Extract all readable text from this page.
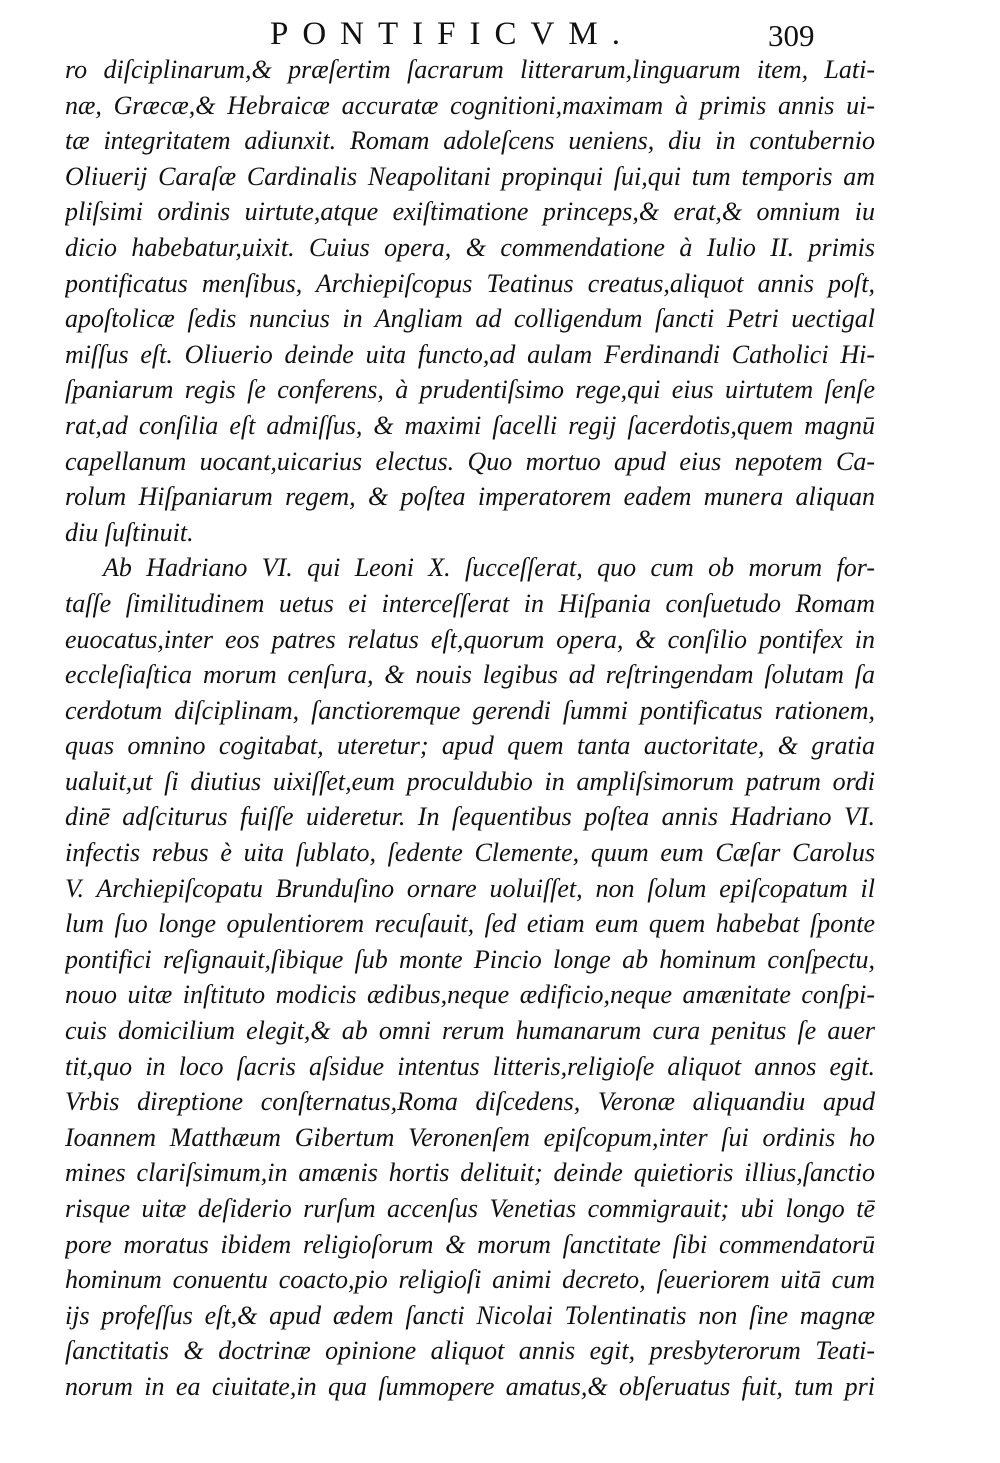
PONTIFICVM.	309
ro diſciplinarum,& præſertim ſacrarum litterarum,linguarum item, Lati-
næ, Græcæ,& Hebraicæ accuratæ cognitioni,maximam à primis annis ui-
tæ integritatem adiunxit. Romam adoleſcens ueniens, diu in contubernio
Oliuerij Caraſæ Cardinalis Neapolitani propinqui ſui,qui tum temporis am
pliſsimi ordinis uirtute,atque exiſtimatione princeps,& erat,& omnium iu
dicio habebatur,uixit. Cuius opera, & commendatione à Iulio II. primis
pontificatus menſibus, Archiepiſcopus Teatinus creatus,aliquot annis poſt,
apoſtolicæ ſedis nuncius in Angliam ad colligendum ſancti Petri uectigal
miſſus eſt. Oliuerio deinde uita functo,ad aulam Ferdinandi Catholici Hi-
ſpaniarum regis ſe conferens, à prudentiſsimo rege,qui eius uirtutem ſenſe
rat,ad conſilia eſt admiſſus, & maximi ſacelli regij ſacerdotis,quem magnū
capellanum uocant,uicarius electus. Quo mortuo apud eius nepotem Ca-
rolum Hiſpaniarum regem, & poſtea imperatorem eadem munera aliquan
diu ſuſtinuit.
Ab Hadriano VI. qui Leoni X. ſucceſſerat, quo cum ob morum for-
taſſe ſimilitudinem uetus ei interceſſerat in Hiſpania conſuetudo Romam
euocatus,inter eos patres relatus eſt,quorum opera, & conſilio pontifex in
eccleſiaſtica morum cenſura, & nouis legibus ad reſtringendam ſolutam ſa
cerdotum diſciplinam, ſanctioremque gerendi ſummi pontificatus rationem,
quas omnino cogitabat, uteretur; apud quem tanta auctoritate, & gratia
ualuit,ut ſi diutius uixiſſet,eum proculdubio in ampliſsimorum patrum ordi
dinē adſciturus fuiſſe uideretur. In ſequentibus poſtea annis Hadriano VI.
infectis rebus è uita ſublato, ſedente Clemente, quum eum Cæſar Carolus
V. Archiepiſcopatu Brunduſino ornare uoluiſſet, non ſolum epiſcopatum il
lum ſuo longe opulentiorem recuſauit, ſed etiam eum quem habebat ſponte
pontifici reſignauit,ſibique ſub monte Pincio longe ab hominum conſpectu,
nouo uitæ inſtituto modicis ædibus,neque ædificio,neque amænitate conſpi-
cuis domicilium elegit,& ab omni rerum humanarum cura penitus ſe auer
tit,quo in loco ſacris aſsidue intentus litteris,religioſe aliquot annos egit.
Vrbis direptione conſternatus,Roma diſcedens, Veronæ aliquandiu apud
Ioannem Matthæum Gibertum Veronenſem epiſcopum,inter ſui ordinis ho
mines clariſsimum,in amænis hortis delituit; deinde quietioris illius,ſanctio
risque uitæ deſiderio rurſum accenſus Venetias commigrauit; ubi longo tē
pore moratus ibidem religioſorum & morum ſanctitate ſibi commendatorū
hominum conuentu coacto,pio religioſi animi decreto, ſeueriorem uitā cum
ijs profeſſus eſt,& apud ædem ſancti Nicolai Tolentinatis non ſine magnæ
ſanctitatis & doctrinæ opinione aliquot annis egit, presbyterorum Teati-
norum in ea ciuitate,in qua ſummopere amatus,& obſeruatus fuit, tum pri
